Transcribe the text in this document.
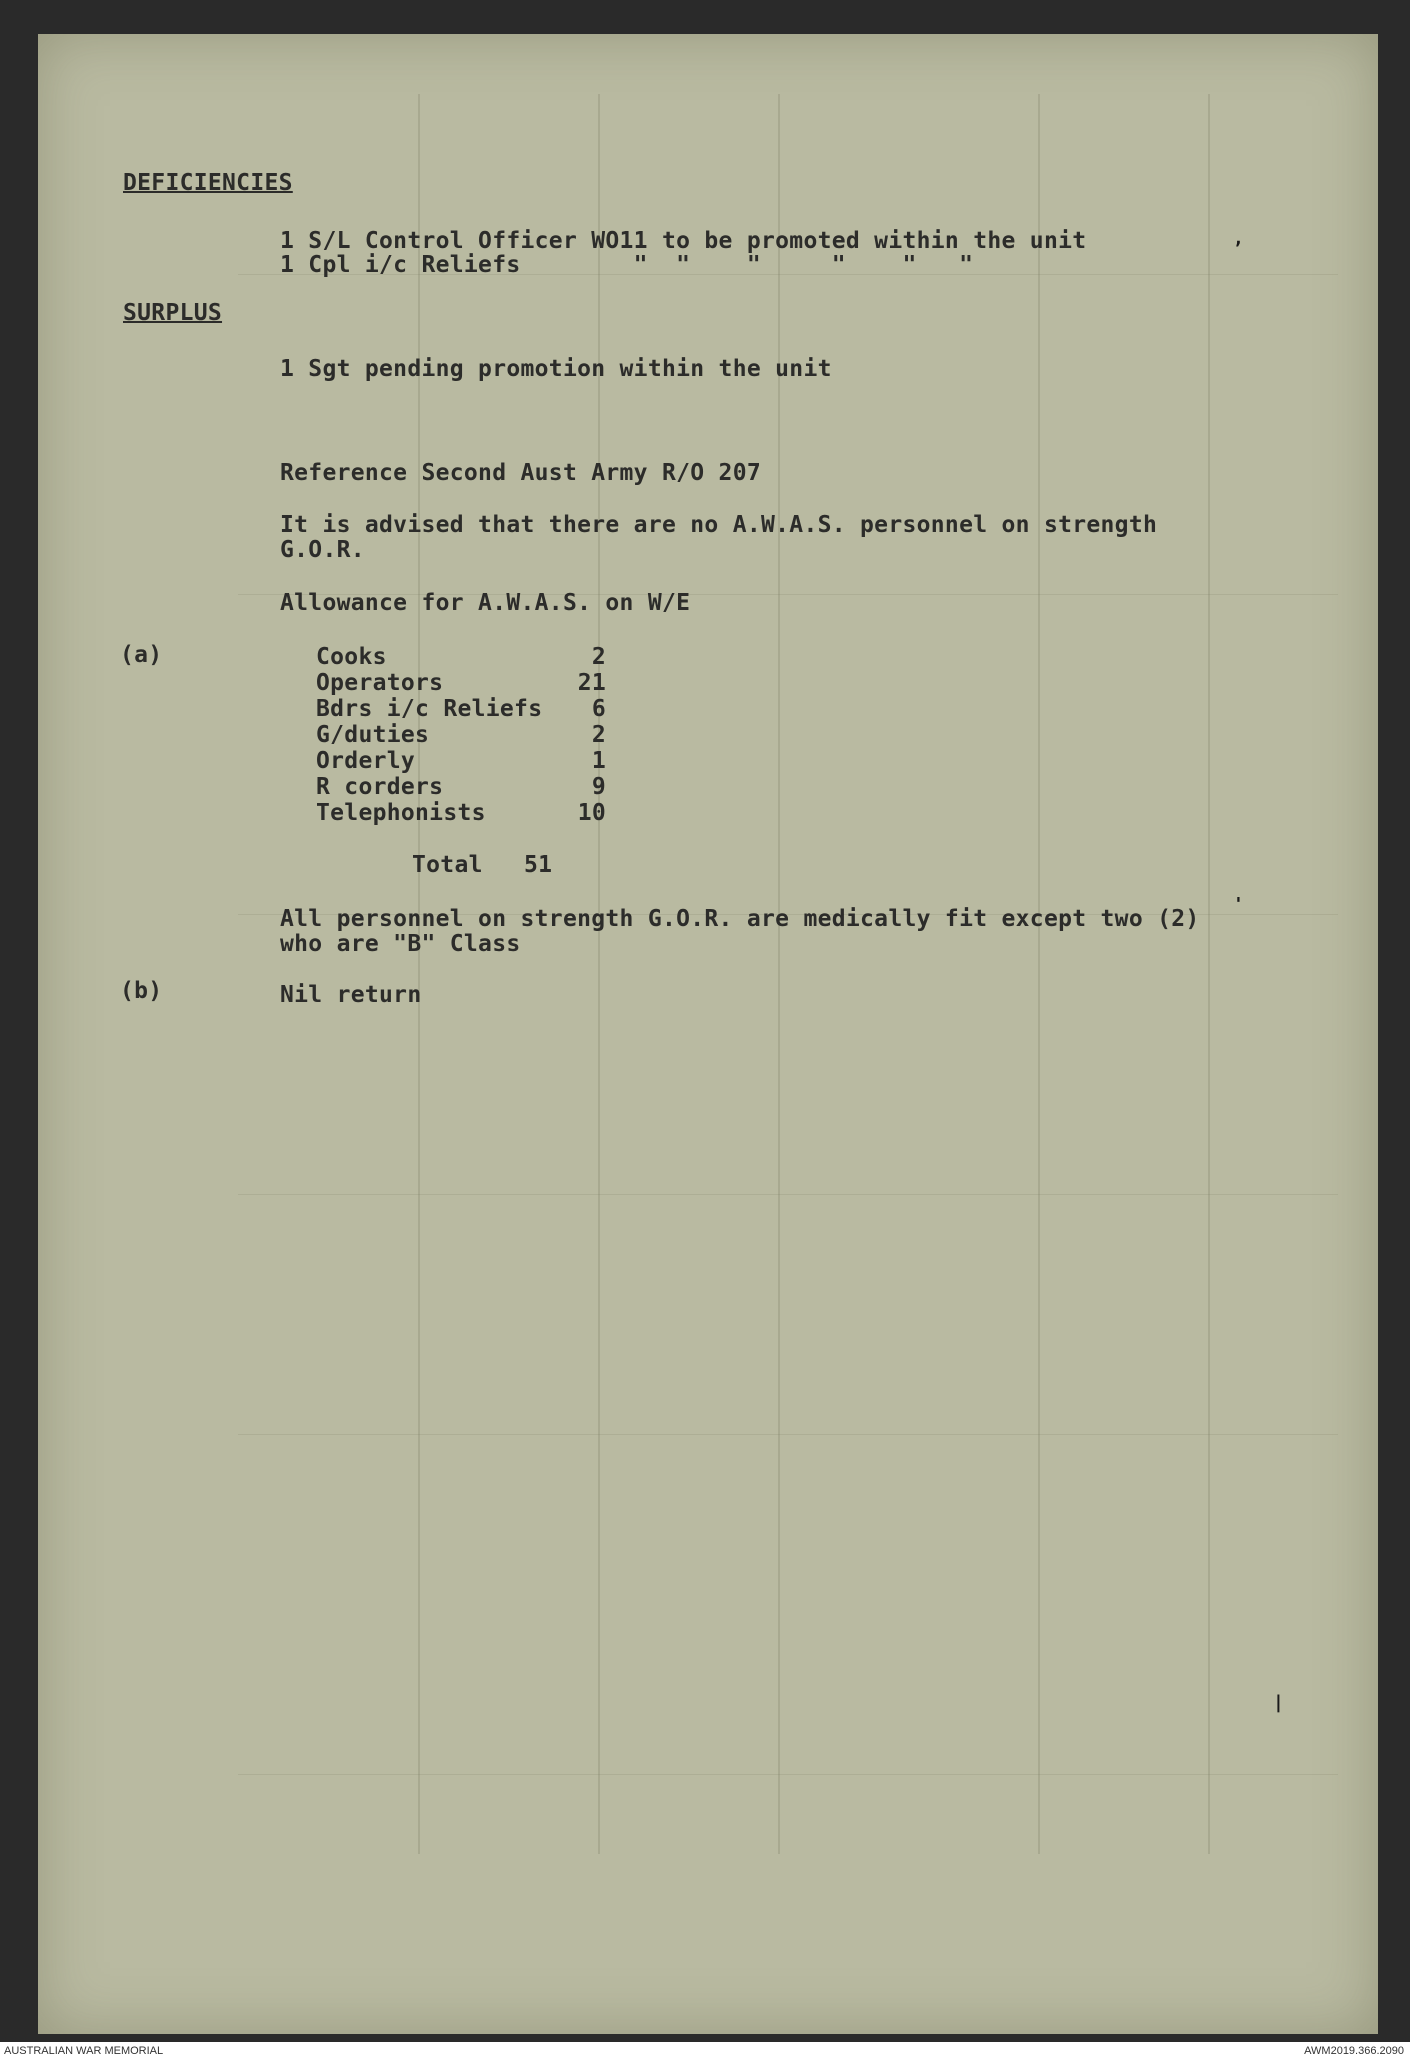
DEFICIENCIES
1 S/L Control Officer WO11 to be promoted within the unit
1 Cpl i/c Reliefs        "  "    "     "    "   "
SURPLUS
1 Sgt pending promotion within the unit
Reference Second Aust Army R/O 207
It is advised that there are no A.W.A.S. personnel on strength
G.O.R.
Allowance for A.W.A.S. on W/E
(a)	Cooks	2
Operators	21
Bdrs i/c Reliefs 6
G/duties	2
Orderly	1
R corders	9
Telephonists	10
Total 51
All personnel on strength G.O.R. are medically fit except two (2)
who are "B" Class
(b)	Nil return
,
'
|
AUSTRALIAN WAR MEMORIAL	AWM2019.366.2090
